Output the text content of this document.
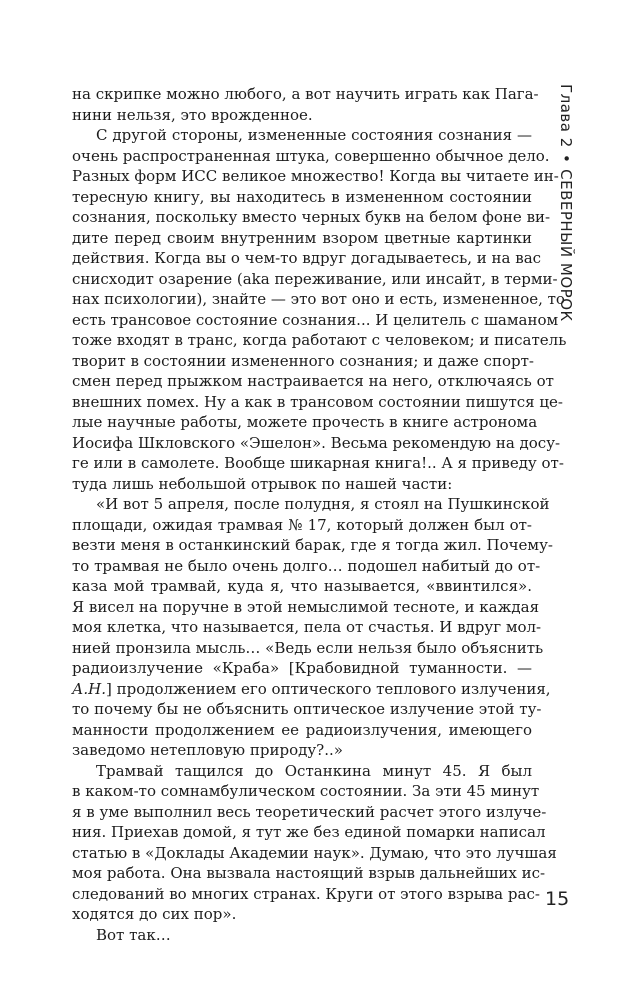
на скрипке можно любого, а вот научить играть как Пага-
нини нельзя, это врожденное.
С другой стороны, измененные состояния сознания —
очень распространенная штука, совершенно обычное дело.
Разных форм ИСС великое множество! Когда вы читаете ин-
тересную книгу, вы находитесь в измененном состоянии
сознания, поскольку вместо черных букв на белом фоне ви-
дите перед своим внутренним взором цветные картинки
действия. Когда вы о чем-то вдруг догадываетесь, и на вас
снисходит озарение (aka переживание, или инсайт, в терми-
нах психологии), знайте — это вот оно и есть, измененное, то
есть трансовое состояние сознания... И целитель с шаманом
тоже входят в транс, когда работают с человеком; и писатель
творит в состоянии измененного сознания; и даже спорт-
смен перед прыжком настраивается на него, отключаясь от
внешних помех. Ну а как в трансовом состоянии пишутся це-
лые научные работы, можете прочесть в книге астронома
Иосифа Шкловского «Эшелон». Весьма рекомендую на досу-
ге или в самолете. Вообще шикарная книга!.. А я приведу от-
туда лишь небольшой отрывок по нашей части:
«И вот 5 апреля, после полудня, я стоял на Пушкинской
площади, ожидая трамвая № 17, который должен был от-
везти меня в останкинский барак, где я тогда жил. Почему-
то трамвая не было очень долго… подошел набитый до от-
каза мой трамвай, куда я, что называется, «ввинтился».
Я висел на поручне в этой немыслимой тесноте, и каждая
моя клетка, что называется, пела от счастья. И вдруг мол-
нией пронзила мысль… «Ведь если нельзя было объяснить
радиоизлучение «Краба» [Крабовидной туманности. —
А.Н.] продолжением его оптического теплового излучения,
то почему бы не объяснить оптическое излучение этой ту-
манности продолжением ее радиоизлучения, имеющего
заведомо нетепловую природу?..»
Трамвай тащился до Останкина минут 45. Я был
в каком-то сомнамбулическом состоянии. За эти 45 минут
я в уме выполнил весь теоретический расчет этого излуче-
ния. Приехав домой, я тут же без единой помарки написал
статью в «Доклады Академии наук». Думаю, что это лучшая
моя работа. Она вызвала настоящий взрыв дальнейших ис-
следований во многих странах. Круги от этого взрыва рас-
ходятся до сих пор».
Вот так…
Глава 2•СЕВЕРНЫЙ МОРОК
15
